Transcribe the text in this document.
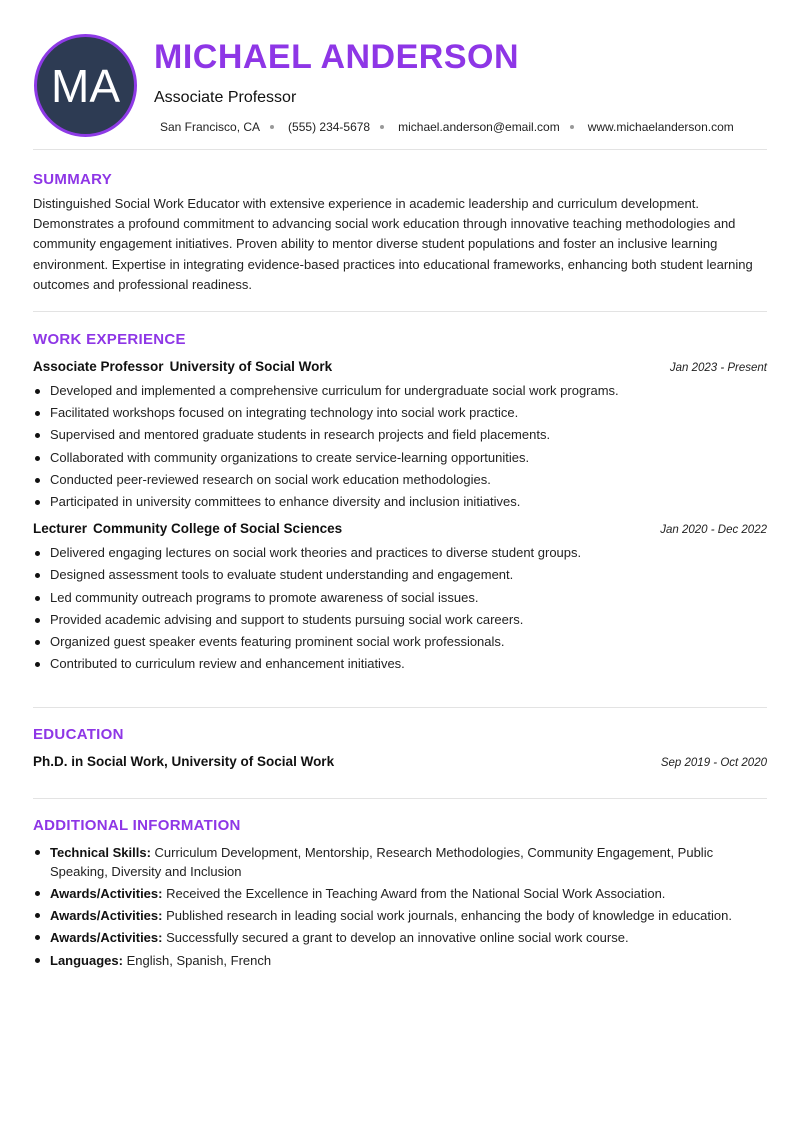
MA
MICHAEL ANDERSON
Associate Professor
San Francisco, CA (555) 234-5678 michael.anderson@email.com www.michaelanderson.com
SUMMARY

Distinguished Social Work Educator with extensive experience in academic leadership and curriculum development. Demonstrates a profound commitment to advancing social work education through innovative teaching methodologies and community engagement initiatives. Proven ability to mentor diverse student populations and foster an inclusive learning environment. Expertise in integrating evidence-based practices into educational frameworks, enhancing both student learning outcomes and professional readiness.

WORK EXPERIENCE
Associate Professor University of Social Work	Jan 2023 - Present
Developed and implemented a comprehensive curriculum for undergraduate social work programs.
Facilitated workshops focused on integrating technology into social work practice.
Supervised and mentored graduate students in research projects and field placements.
Collaborated with community organizations to create service-learning opportunities.
Conducted peer-reviewed research on social work education methodologies.
Participated in university committees to enhance diversity and inclusion initiatives.
Lecturer Community College of Social Sciences	Jan 2020 - Dec 2022
Delivered engaging lectures on social work theories and practices to diverse student groups.
Designed assessment tools to evaluate student understanding and engagement.
Led community outreach programs to promote awareness of social issues.
Provided academic advising and support to students pursuing social work careers.
Organized guest speaker events featuring prominent social work professionals.
Contributed to curriculum review and enhancement initiatives.
EDUCATION
Ph.D. in Social Work, University of Social Work	Sep 2019 - Oct 2020
ADDITIONAL INFORMATION
Technical Skills: Curriculum Development, Mentorship, Research Methodologies, Community Engagement, Public Speaking, Diversity and Inclusion
Awards/Activities: Received the Excellence in Teaching Award from the National Social Work Association.
Awards/Activities: Published research in leading social work journals, enhancing the body of knowledge in education.
Awards/Activities: Successfully secured a grant to develop an innovative online social work course.
Languages: English, Spanish, French
